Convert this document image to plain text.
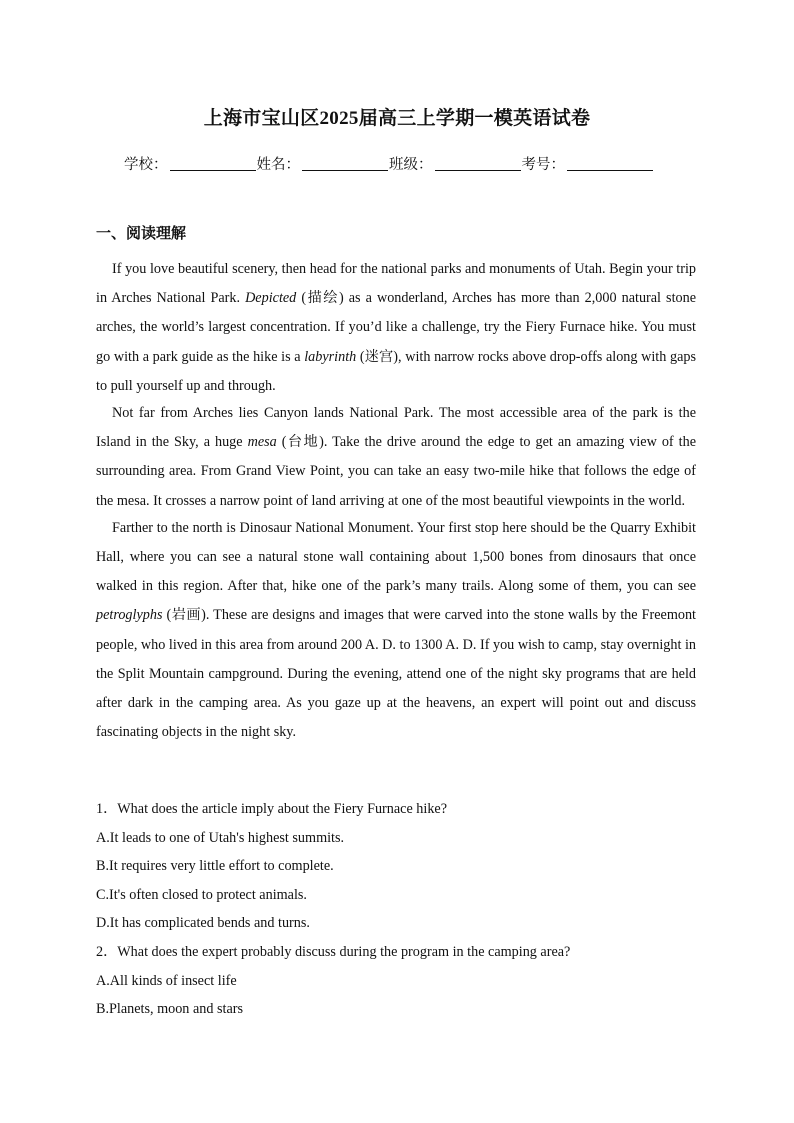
上海市宝山区2025届高三上学期一模英语试卷
学校：	姓名：	班级：	考号：
一、阅读理解

If you love beautiful scenery, then head for the national parks and monuments of Utah. Begin your trip in Arches National Park. Depicted (描绘) as a wonderland, Arches has more than 2,000 natural stone arches, the world’s largest concentration. If you’d like a challenge, try the Fiery Furnace hike. You must go with a park guide as the hike is a labyrinth (迷宫), with narrow rocks above drop-offs along with gaps to pull yourself up and through.

Not far from Arches lies Canyon lands National Park. The most accessible area of the park is the Island in the Sky, a huge mesa (台地). Take the drive around the edge to get an amazing view of the surrounding area. From Grand View Point, you can take an easy two-mile hike that follows the edge of the mesa. It crosses a narrow point of land arriving at one of the most beautiful viewpoints in the world.

Farther to the north is Dinosaur National Monument. Your first stop here should be the Quarry Exhibit Hall, where you can see a natural stone wall containing about 1,500 bones from dinosaurs that once walked in this region. After that, hike one of the park’s many trails. Along some of them, you can see petroglyphs (岩画). These are designs and images that were carved into the stone walls by the Freemont people, who lived in this area from around 200 A. D. to 1300 A. D. If you wish to camp, stay overnight in the Split Mountain campground. During the evening, attend one of the night sky programs that are held after dark in the camping area. As you gaze up at the heavens, an expert will point out and discuss fascinating objects in the night sky.

1．What does the article imply about the Fiery Furnace hike?
A.It leads to one of Utah's highest summits.
B.It requires very little effort to complete.
C.It's often closed to protect animals.
D.It has complicated bends and turns.
2．What does the expert probably discuss during the program in the camping area?
A.All kinds of insect life
B.Planets, moon and stars
